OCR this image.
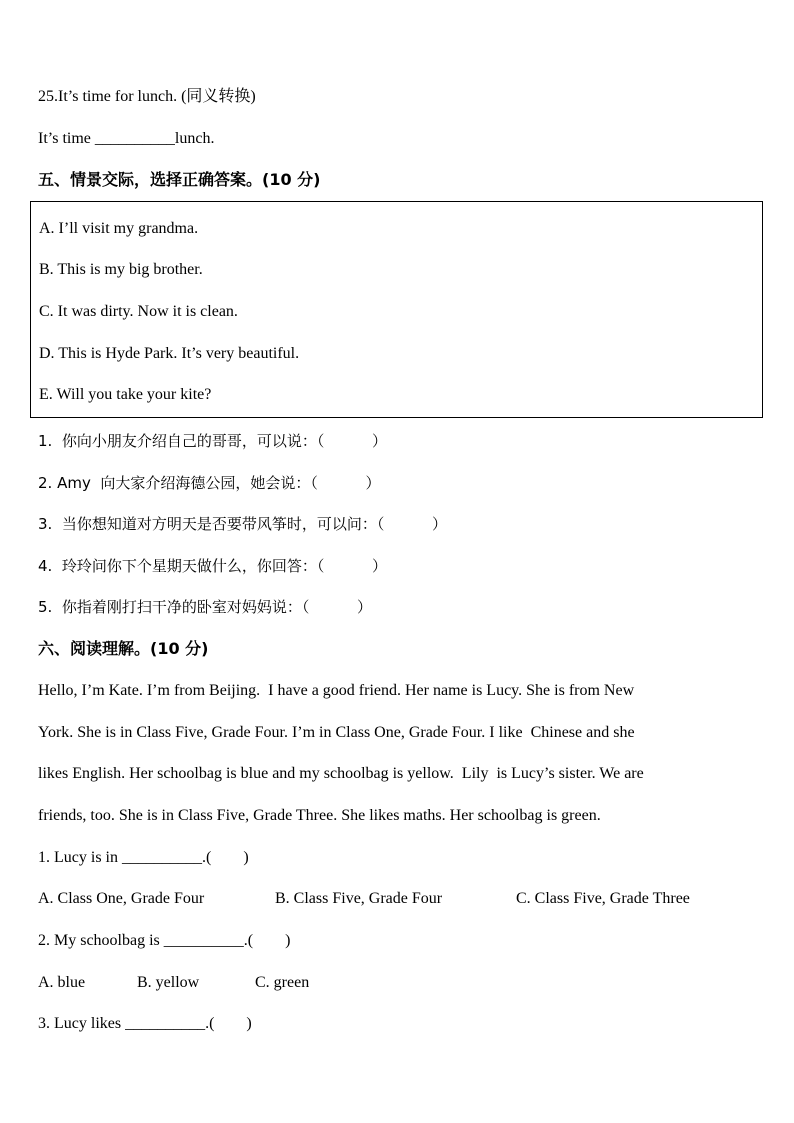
25.It’s time for lunch. (同义转换)
It’s time __________lunch.
五、情景交际，选择正确答案。(10 分)
A. I’ll visit my grandma.
B. This is my big brother.
C. It was dirty. Now it is clean.
D. This is Hyde Park. It’s very beautiful.
E. Will you take your kite?
1.  你向小朋友介绍自己的哥哥，可以说：（          ）
2. Amy  向大家介绍海德公园，她会说：（          ）
3.  当你想知道对方明天是否要带风筝时，可以问：（          ）
4.  玲玲问你下个星期天做什么，你回答：（          ）
5.  你指着刚打扫干净的卧室对妈妈说：（          ）
六、阅读理解。(10 分)
Hello, I’m Kate. I’m from Beijing.  I have a good friend. Her name is Lucy. She is from New
York. She is in Class Five, Grade Four. I’m in Class One, Grade Four. I like  Chinese and she
likes English. Her schoolbag is blue and my schoolbag is yellow.  Lily  is Lucy’s sister. We are
friends, too. She is in Class Five, Grade Three. She likes maths. Her schoolbag is green.
1. Lucy is in __________.(        )
A. Class One, Grade Four	B. Class Five, Grade Four	C. Class Five, Grade Three
2. My schoolbag is __________.(        )
A. blue	B. yellow	C. green
3. Lucy likes __________.(        )
